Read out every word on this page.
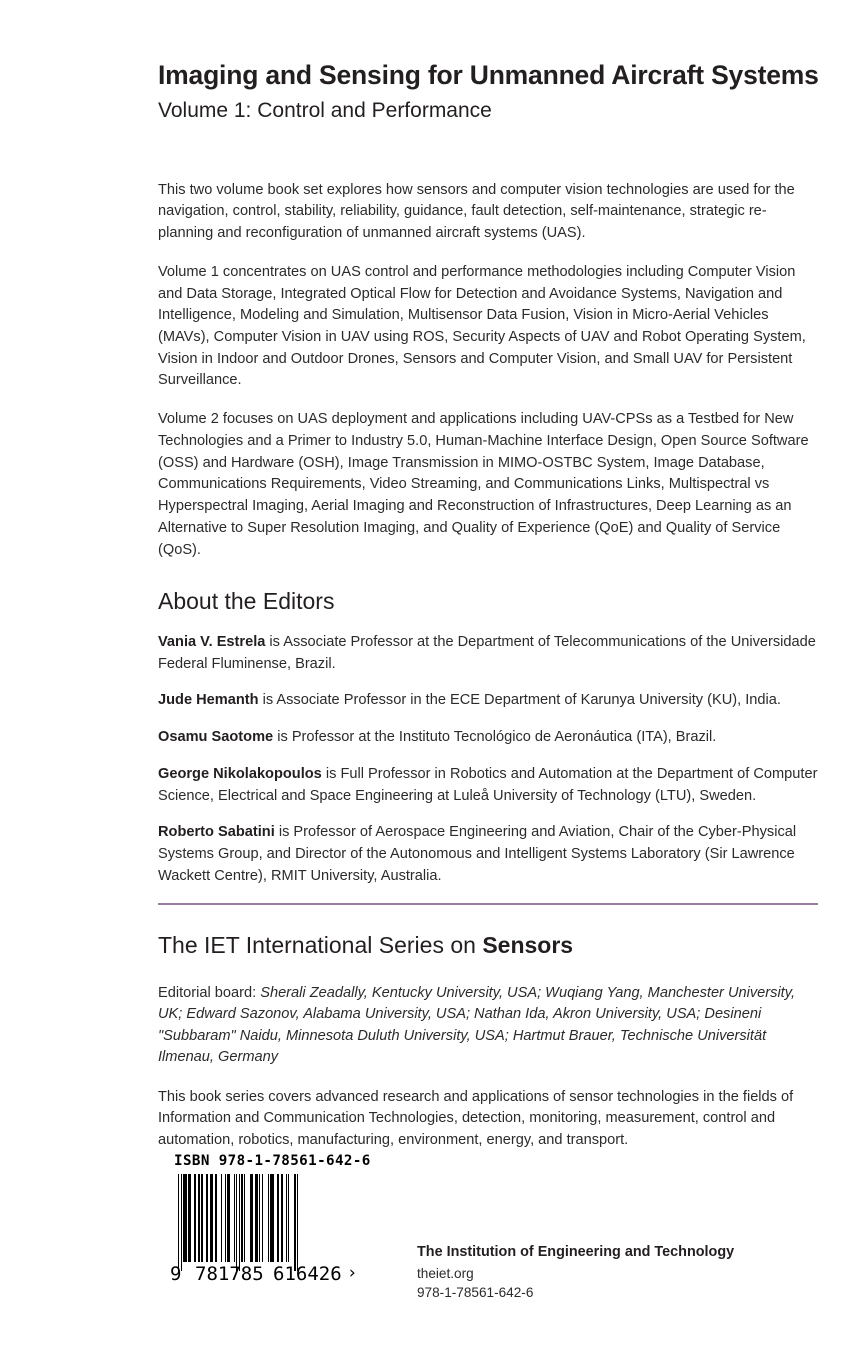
Imaging and Sensing for Unmanned Aircraft Systems
Volume 1: Control and Performance

This two volume book set explores how sensors and computer vision technologies are used for the navigation, control, stability, reliability, guidance, fault detection, self-maintenance, strategic re-planning and reconfiguration of unmanned aircraft systems (UAS).

Volume 1 concentrates on UAS control and performance methodologies including Computer Vision and Data Storage, Integrated Optical Flow for Detection and Avoidance Systems, Navigation and Intelligence, Modeling and Simulation, Multisensor Data Fusion, Vision in Micro-Aerial Vehicles (MAVs), Computer Vision in UAV using ROS, Security Aspects of UAV and Robot Operating System, Vision in Indoor and Outdoor Drones, Sensors and Computer Vision, and Small UAV for Persistent Surveillance.

Volume 2 focuses on UAS deployment and applications including UAV-CPSs as a Testbed for New Technologies and a Primer to Industry 5.0, Human-Machine Interface Design, Open Source Software (OSS) and Hardware (OSH), Image Transmission in MIMO-OSTBC System, Image Database, Communications Requirements, Video Streaming, and Communications Links, Multispectral vs Hyperspectral Imaging, Aerial Imaging and Reconstruction of Infrastructures, Deep Learning as an Alternative to Super Resolution Imaging, and Quality of Experience (QoE) and Quality of Service (QoS).

About the Editors

Vania V. Estrela is Associate Professor at the Department of Telecommunications of the Universidade Federal Fluminense, Brazil.

Jude Hemanth is Associate Professor in the ECE Department of Karunya University (KU), India.

Osamu Saotome is Professor at the Instituto Tecnológico de Aeronáutica (ITA), Brazil.

George Nikolakopoulos is Full Professor in Robotics and Automation at the Department of Computer Science, Electrical and Space Engineering at Luleå University of Technology (LTU), Sweden.

Roberto Sabatini is Professor of Aerospace Engineering and Aviation, Chair of the Cyber-Physical Systems Group, and Director of the Autonomous and Intelligent Systems Laboratory (Sir Lawrence Wackett Centre), RMIT University, Australia.

The IET International Series on Sensors

Editorial board: Sherali Zeadally, Kentucky University, USA; Wuqiang Yang, Manchester University, UK; Edward Sazonov, Alabama University, USA; Nathan Ida, Akron University, USA; Desineni "Subbaram" Naidu, Minnesota Duluth University, USA; Hartmut Brauer, Technische Universität Ilmenau, Germany

This book series covers advanced research and applications of sensor technologies in the fields of Information and Communication Technologies, detection, monitoring, measurement, control and automation, robotics, manufacturing, environment, energy, and transport.

ISBN 978-1-78561-642-6
9 781785 616426 ›

The Institution of Engineering and Technology

theiet.org

978-1-78561-642-6
